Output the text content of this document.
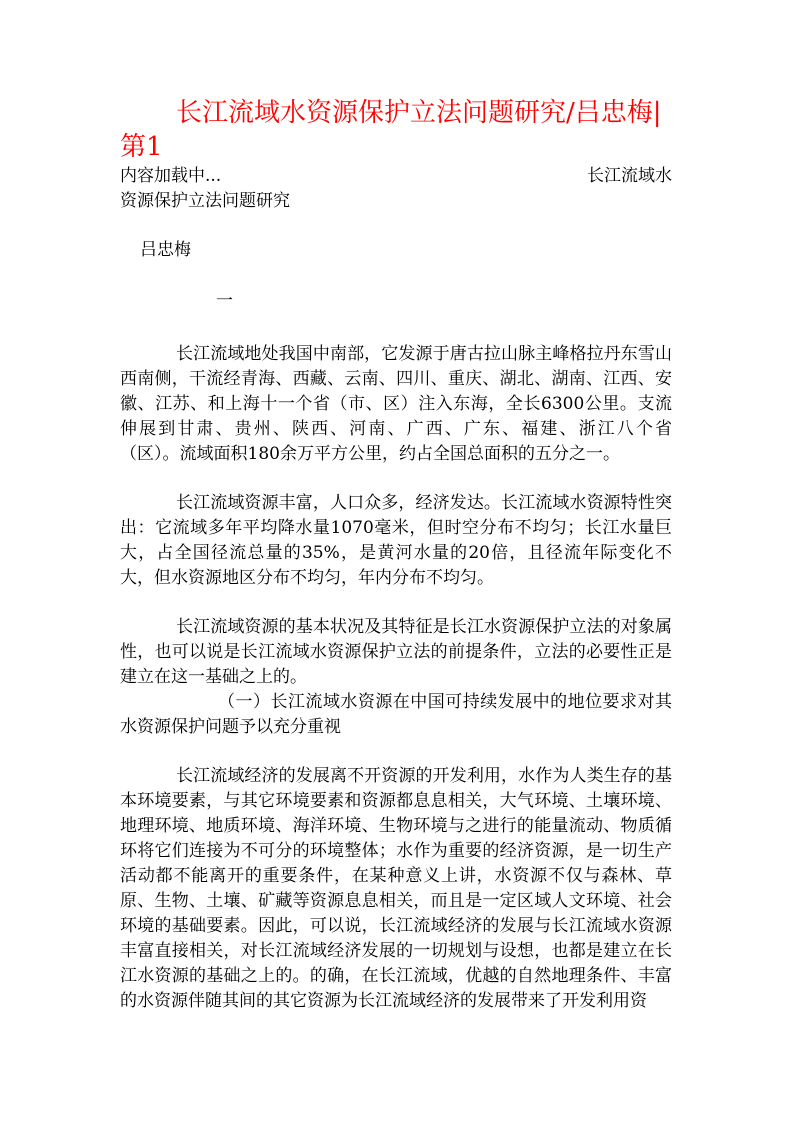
长江流域水资源保护立法问题研究/吕忠梅|第1
内容加载中...	长江流域水

资源保护立法问题研究

吕忠梅

一

长江流域地处我国中南部，它发源于唐古拉山脉主峰格拉丹东雪山西南侧，干流经青海、西藏、云南、四川、重庆、湖北、湖南、江西、安徽、江苏、和上海十一个省（市、区）注入东海，全长6300公里。支流伸展到甘肃、贵州、陕西、河南、广西、广东、福建、浙江八个省（区）。流域面积180余万平方公里，约占全国总面积的五分之一。

长江流域资源丰富，人口众多，经济发达。长江流域水资源特性突出：它流域多年平均降水量1070毫米，但时空分布不均匀；长江水量巨大，占全国径流总量的35%，是黄河水量的20倍，且径流年际变化不大，但水资源地区分布不均匀，年内分布不均匀。

长江流域资源的基本状况及其特征是长江水资源保护立法的对象属性，也可以说是长江流域水资源保护立法的前提条件，立法的必要性正是建立在这一基础之上的。

（一）长江流域水资源在中国可持续发展中的地位要求对其水资源保护问题予以充分重视

长江流域经济的发展离不开资源的开发利用，水作为人类生存的基本环境要素，与其它环境要素和资源都息息相关，大气环境、土壤环境、地理环境、地质环境、海洋环境、生物环境与之进行的能量流动、物质循环将它们连接为不可分的环境整体；水作为重要的经济资源，是一切生产活动都不能离开的重要条件，在某种意义上讲，水资源不仅与森林、草原、生物、土壤、矿藏等资源息息相关，而且是一定区域人文环境、社会环境的基础要素。因此，可以说，长江流域经济的发展与长江流域水资源丰富直接相关，对长江流域经济发展的一切规划与设想，也都是建立在长江水资源的基础之上的。的确，在长江流域，优越的自然地理条件、丰富的水资源伴随其间的其它资源为长江流域经济的发展带来了开发利用资
